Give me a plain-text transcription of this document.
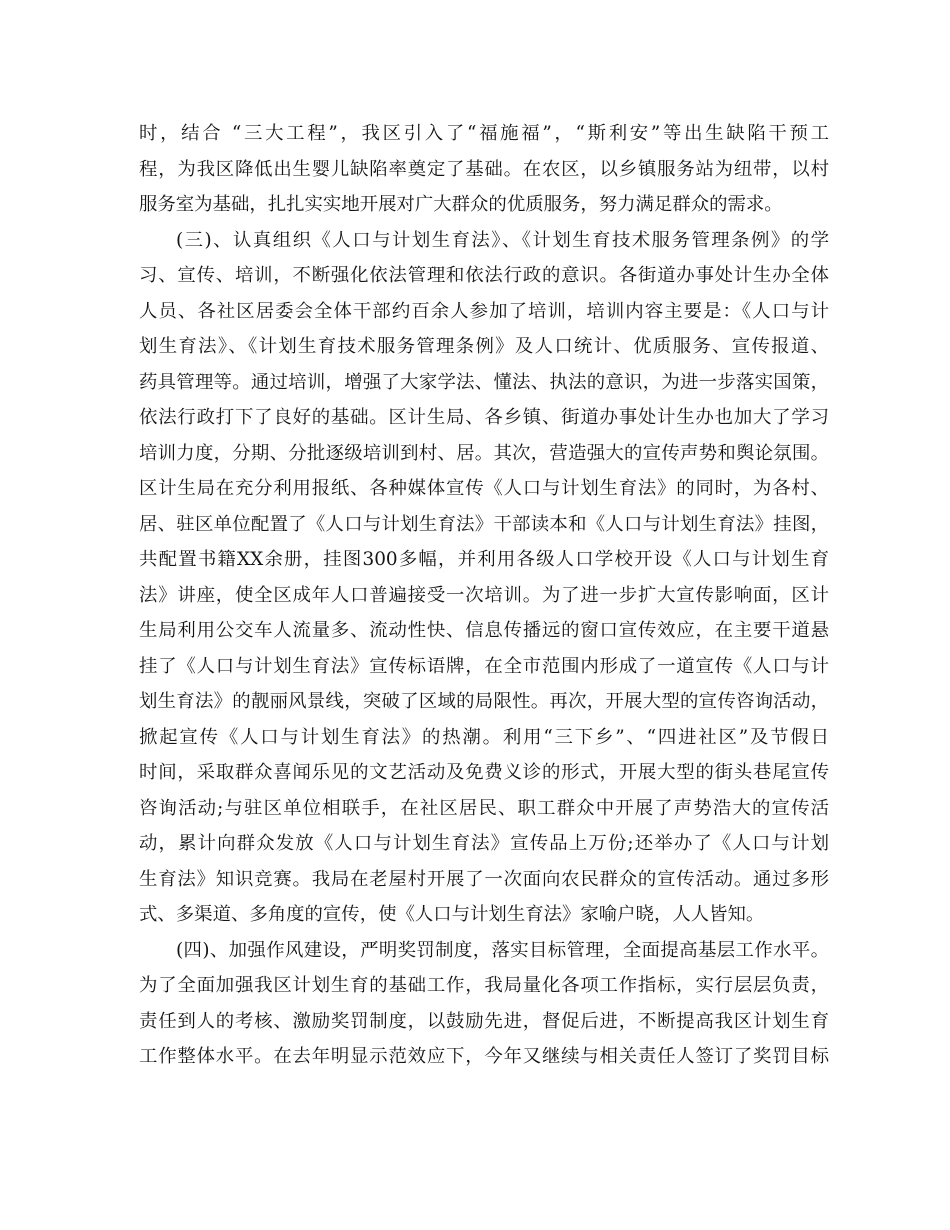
时，结合 “三大工程”，我区引入了“福施福”，“斯利安”等出生缺陷干预工
程，为我区降低出生婴儿缺陷率奠定了基础。在农区，以乡镇服务站为纽带，以村
服务室为基础，扎扎实实地开展对广大群众的优质服务，努力满足群众的需求。
(三)、认真组织《人口与计划生育法》、《计划生育技术服务管理条例》的学
习、宣传、培训，不断强化依法管理和依法行政的意识。各街道办事处计生办全体
人员、各社区居委会全体干部约百余人参加了培训，培训内容主要是：《人口与计
划生育法》、《计划生育技术服务管理条例》及人口统计、优质服务、宣传报道、
药具管理等。通过培训，增强了大家学法、懂法、执法的意识，为进一步落实国策，
依法行政打下了良好的基础。区计生局、各乡镇、街道办事处计生办也加大了学习
培训力度，分期、分批逐级培训到村、居。其次，营造强大的宣传声势和舆论氛围。
区计生局在充分利用报纸、各种媒体宣传《人口与计划生育法》的同时，为各村、
居、驻区单位配置了《人口与计划生育法》干部读本和《人口与计划生育法》挂图，
共配置书籍XX余册，挂图300多幅，并利用各级人口学校开设《人口与计划生育
法》讲座，使全区成年人口普遍接受一次培训。为了进一步扩大宣传影响面，区计
生局利用公交车人流量多、流动性快、信息传播远的窗口宣传效应，在主要干道悬
挂了《人口与计划生育法》宣传标语牌，在全市范围内形成了一道宣传《人口与计
划生育法》的靓丽风景线，突破了区域的局限性。再次，开展大型的宣传咨询活动，
掀起宣传《人口与计划生育法》的热潮。利用“三下乡”、“四进社区”及节假日
时间，采取群众喜闻乐见的文艺活动及免费义诊的形式，开展大型的街头巷尾宣传
咨询活动;与驻区单位相联手，在社区居民、职工群众中开展了声势浩大的宣传活
动，累计向群众发放《人口与计划生育法》宣传品上万份;还举办了《人口与计划
生育法》知识竞赛。我局在老屋村开展了一次面向农民群众的宣传活动。通过多形
式、多渠道、多角度的宣传，使《人口与计划生育法》家喻户晓，人人皆知。
(四)、加强作风建设，严明奖罚制度，落实目标管理，全面提高基层工作水平。
为了全面加强我区计划生育的基础工作，我局量化各项工作指标，实行层层负责，
责任到人的考核、激励奖罚制度，以鼓励先进，督促后进，不断提高我区计划生育
工作整体水平。在去年明显示范效应下，今年又继续与相关责任人签订了奖罚目标
